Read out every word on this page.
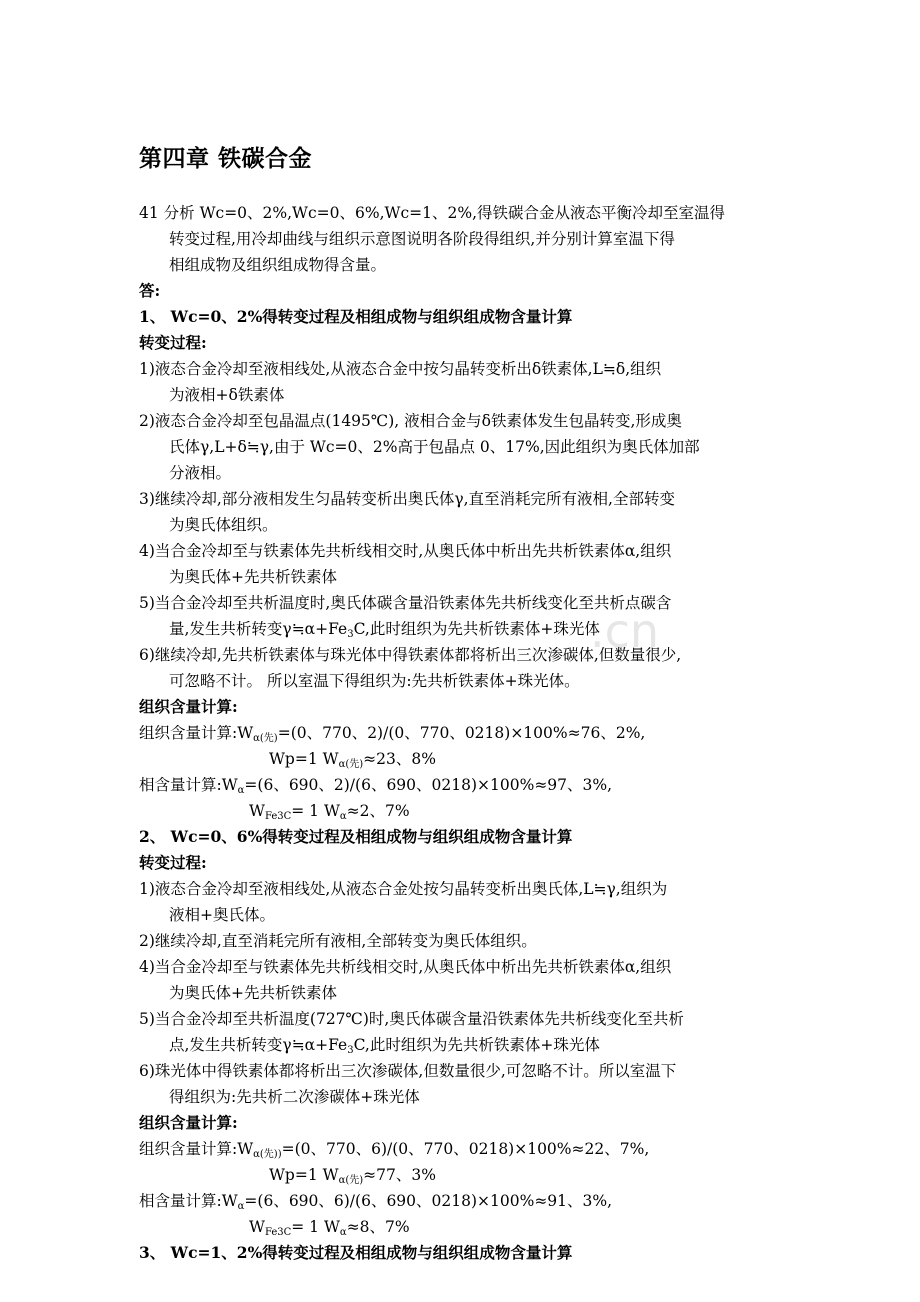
.cn
第四章 铁碳合金
41 分析 Wc=0、2%,Wc=0、6%,Wc=1、2%,得铁碳合金从液态平衡冷却至室温得
转变过程,用冷却曲线与组织示意图说明各阶段得组织,并分别计算室温下得
相组成物及组织组成物得含量。
答:
1、 Wc=0、2%得转变过程及相组成物与组织组成物含量计算
转变过程:
1)液态合金冷却至液相线处,从液态合金中按匀晶转变析出δ铁素体,L≒δ,组织
为液相+δ铁素体
2)液态合金冷却至包晶温点(1495℃), 液相合金与δ铁素体发生包晶转变,形成奥
氏体γ,L+δ≒γ,由于 Wc=0、2%高于包晶点 0、17%,因此组织为奥氏体加部
分液相。
3)继续冷却,部分液相发生匀晶转变析出奥氏体γ,直至消耗完所有液相,全部转变
为奥氏体组织。
4)当合金冷却至与铁素体先共析线相交时,从奥氏体中析出先共析铁素体α,组织
为奥氏体+先共析铁素体
5)当合金冷却至共析温度时,奥氏体碳含量沿铁素体先共析线变化至共析点碳含
量,发生共析转变$\gamma≒\alpha+Fe_3C$,此时组织为先共析铁素体+珠光体
6)继续冷却,先共析铁素体与珠光体中得铁素体都将析出三次渗碳体,但数量很少,
可忽略不计。 所以室温下得组织为:先共析铁素体+珠光体。
组织含量计算:
组织含量计算$:W_{\alpha(先)}=(0$、770、2)/(0、770、0218)×100%≈76、2%,
Wp=1 $W_{\alpha(先)}\approx 23$、8%
相含量计算$:W_\alpha=(6$、690、2)/(6、690、0218)×100%≈97、3%,
$W_{Fe3C}= 1$ $W_\alpha\approx 2$、7%
2、 Wc=0、6%得转变过程及相组成物与组织组成物含量计算
转变过程:
1)液态合金冷却至液相线处,从液态合金处按匀晶转变析出奥氏体,L≒γ,组织为
液相+奥氏体。
2)继续冷却,直至消耗完所有液相,全部转变为奥氏体组织。
4)当合金冷却至与铁素体先共析线相交时,从奥氏体中析出先共析铁素体α,组织
为奥氏体+先共析铁素体
5)当合金冷却至共析温度(727℃)时,奥氏体碳含量沿铁素体先共析线变化至共析
点,发生共析转变$\gamma≒\alpha+Fe_3C$,此时组织为先共析铁素体+珠光体
6)珠光体中得铁素体都将析出三次渗碳体,但数量很少,可忽略不计。所以室温下
得组织为:先共析二次渗碳体+珠光体
组织含量计算:
组织含量计算$:W_{\alpha(先))}=(0$、770、6)/(0、770、0218)×100%≈22、7%,
Wp=1 $W_{\alpha(先)}\approx 77$、3%
相含量计算$:W_\alpha=(6$、690、6)/(6、690、0218)×100%≈91、3%,
$W_{Fe3C}= 1$ $W_\alpha\approx 8$、7%
3、 Wc=1、2%得转变过程及相组成物与组织组成物含量计算
